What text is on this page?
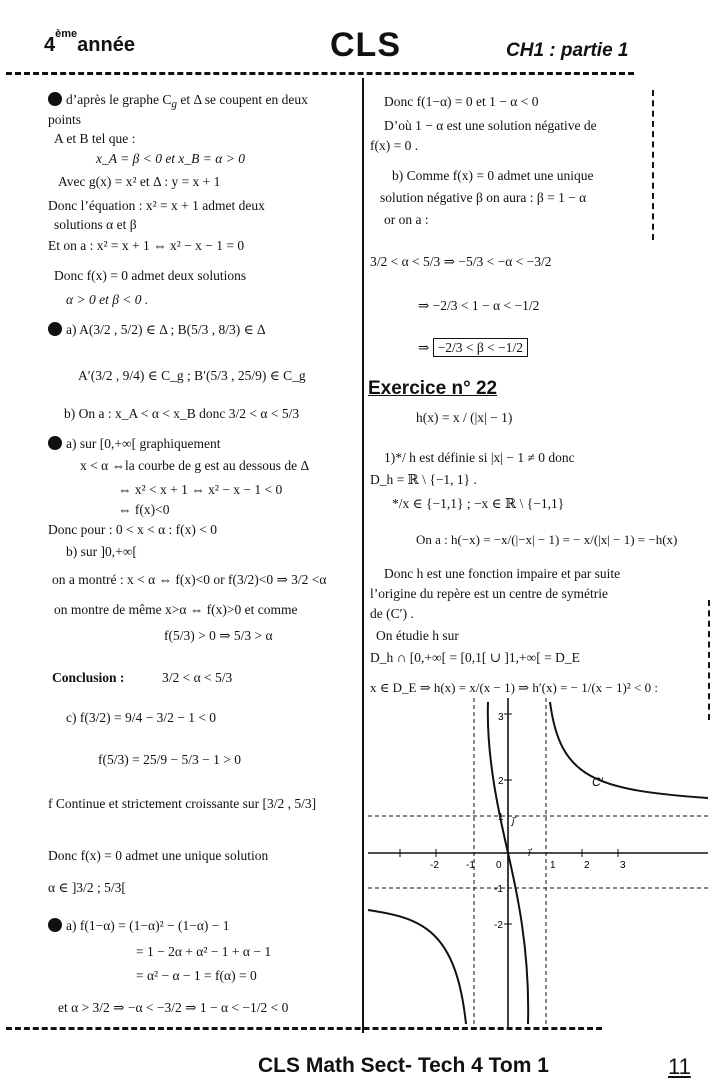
4èmeannée	CLS	CH1 : partie 1
d’après le graphe $C_g$ et Δ se coupent en deux
points
A et B tel que :
x_A = β < 0 et x_B = α > 0
Avec g(x) = x² et Δ : y = x + 1
Donc l’équation : x² = x + 1 admet deux
solutions α et β
Et on a : x² = x + 1 ⇔ x² − x − 1 = 0
Donc f(x) = 0 admet deux solutions
α > 0 et β < 0 .
a) A(3/2 , 5/2) ∈ Δ ; B(5/3 , 8/3) ∈ Δ
A′(3/2 , 9/4) ∈ C_g ; B′(5/3 , 25/9) ∈ C_g
b) On a : x_A < α < x_B donc 3/2 < α < 5/3
a) sur [0,+∞[ graphiquement
x < α ⇔la courbe de g est au dessous de Δ
⇔ x² < x + 1 ⇔ x² − x − 1 < 0
⇔ f(x)<0
Donc pour : 0 < x < α : f(x) < 0
b) sur ]0,+∞[
on a montré : x < α ⇔ f(x)<0 or f(3/2)<0 ⇒ 3/2 <α
on montre de même x>α ⇔ f(x)>0 et comme
f(5/3) > 0 ⇒ 5/3 > α
Conclusion :	3/2 < α < 5/3
c) f(3/2) = 9/4 − 3/2 − 1 < 0
f(5/3) = 25/9 − 5/3 − 1 > 0
f Continue et strictement croissante sur [3/2 , 5/3]
Donc f(x) = 0 admet une unique solution
α ∈ ]3/2 ; 5/3[
a) f(1−α) = (1−α)² − (1−α) − 1
= 1 − 2α + α² − 1 + α − 1
= α² − α − 1 = f(α) = 0
et α > 3/2 ⇒ −α < −3/2 ⇒ 1 − α < −1/2 < 0
Donc f(1−α) = 0 et 1 − α < 0
D’où 1 − α est une solution négative de
f(x) = 0 .
b) Comme f(x) = 0 admet une unique
solution négative β on aura : β = 1 − α
or on a :
3/2 < α < 5/3 ⇒ −5/3 < −α < −3/2
⇒ −2/3 < 1 − α < −1/2
⇒ −2/3 < β < −1/2
Exercice n° 22
h(x) = x / (|x| − 1)
1)*/ h est définie si |x| − 1 ≠ 0 donc
D_h = ℝ \ {−1, 1} .
*/x ∈ {−1,1} ; −x ∈ ℝ \ {−1,1}
On a : h(−x) = −x/(|−x| − 1) = − x/(|x| − 1) = −h(x)
Donc h est une fonction impaire et par suite
l’origine du repère est un centre de symétrie
de (C′) .
On étudie h sur
D_h ∩ [0,+∞[ = [0,1[ ∪ ]1,+∞[ = D_E
x ∈ D_E ⇒ h(x) = x/(x − 1) ⇒ h′(x) = − 1/(x − 1)² < 0 :
-2	-1	1	2	3
3
2
1
-1
-2
0
i⃗
j⃗
C′
CLS Math Sect- Tech 4 Tom 1	11
